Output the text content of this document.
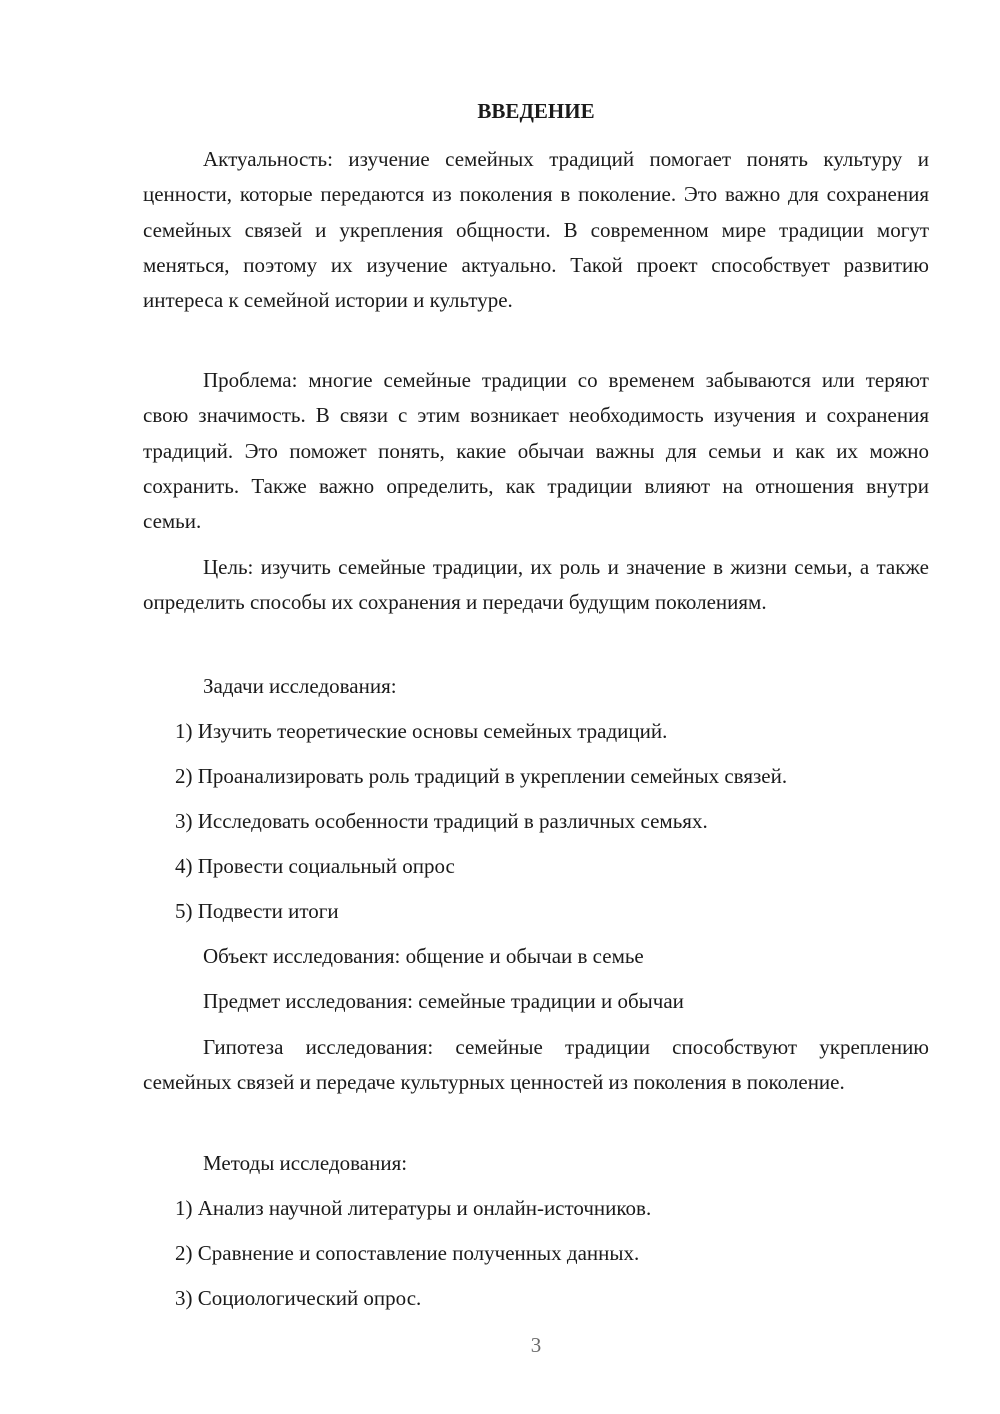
ВВЕДЕНИЕ

Актуальность: изучение семейных традиций помогает понять культуру и ценности, которые передаются из поколения в поколение. Это важно для сохранения семейных связей и укрепления общности. В современном мире традиции могут меняться, поэтому их изучение актуально. Такой проект способствует развитию интереса к семейной истории и культуре.

Проблема: многие семейные традиции со временем забываются или теряют свою значимость. В связи с этим возникает необходимость изучения и сохранения традиций. Это поможет понять, какие обычаи важны для семьи и как их можно сохранить. Также важно определить, как традиции влияют на отношения внутри семьи.

Цель: изучить семейные традиции, их роль и значение в жизни семьи, а также определить способы их сохранения и передачи будущим поколениям.

Задачи исследования:
1) Изучить теоретические основы семейных традиций.
2) Проанализировать роль традиций в укреплении семейных связей.
3) Исследовать особенности традиций в различных семьях.
4) Провести социальный опрос
5) Подвести итоги
Объект исследования: общение и обычаи в семье
Предмет исследования: семейные традиции и обычаи

Гипотеза исследования: семейные традиции способствуют укреплению семейных связей и передаче культурных ценностей из поколения в поколение.

Методы исследования:
1) Анализ научной литературы и онлайн-источников.
2) Сравнение и сопоставление полученных данных.
3) Социологический опрос.
3
